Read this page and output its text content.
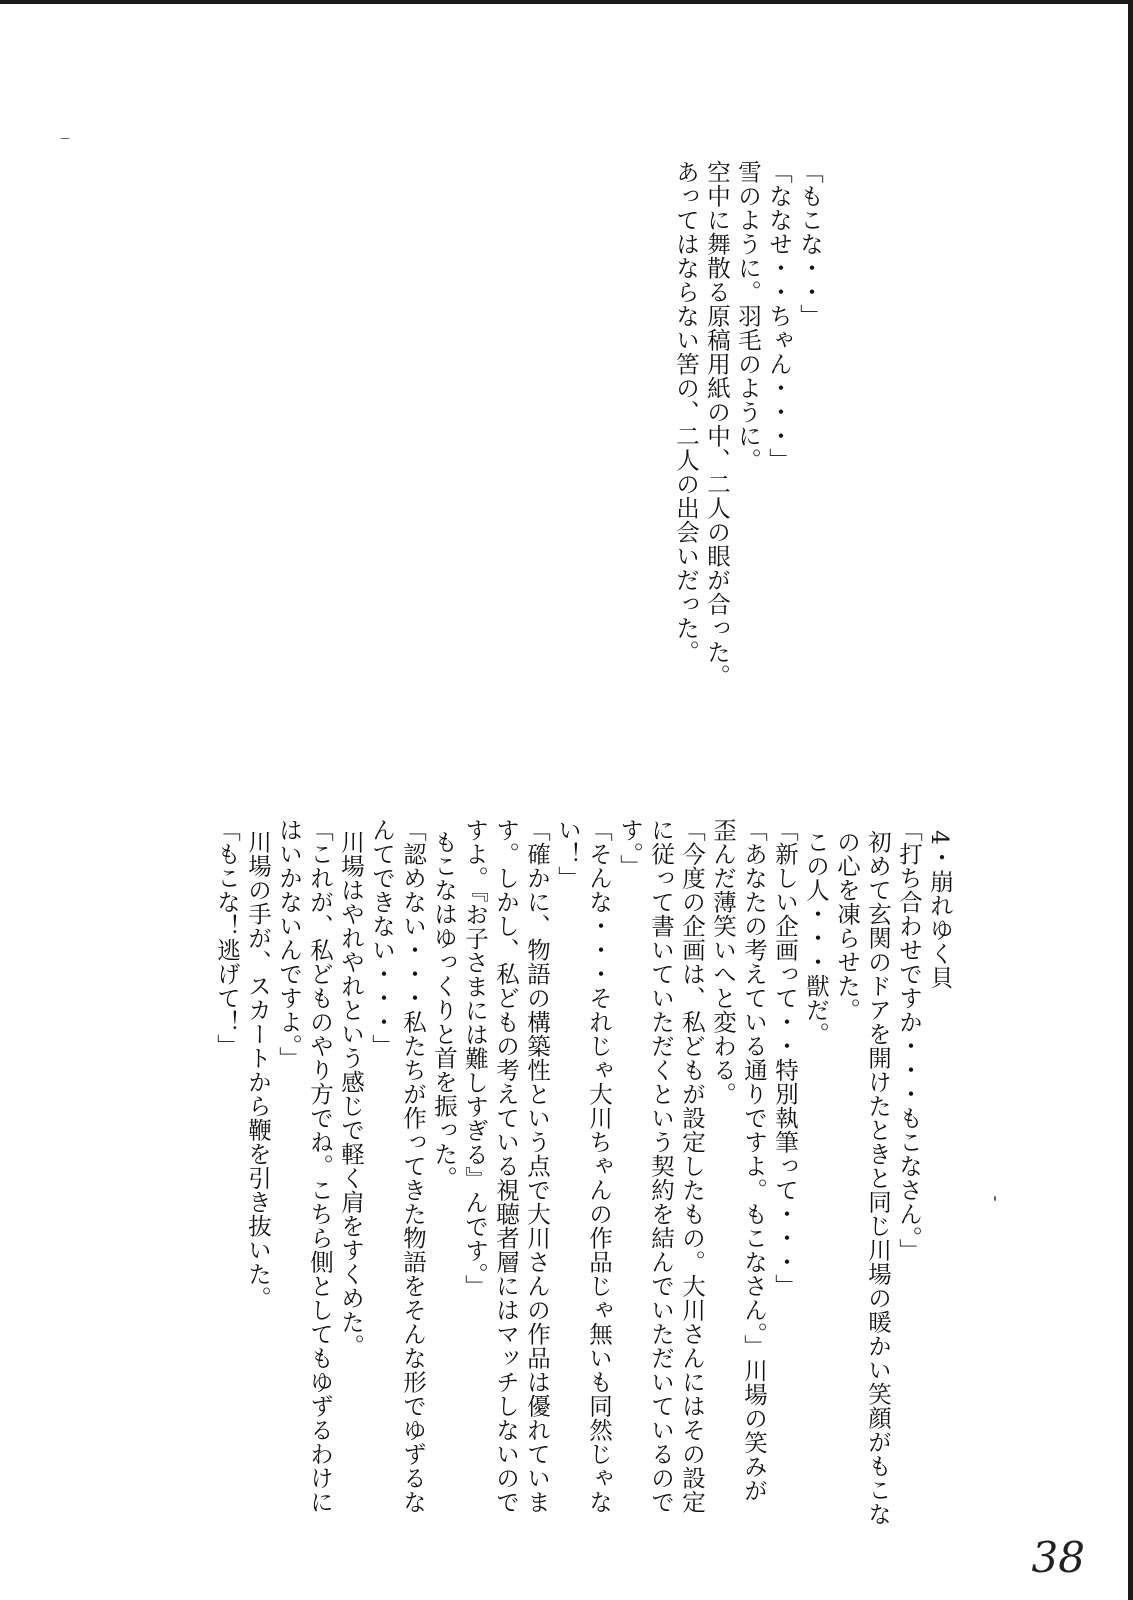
「もこな・・」
「ななせ・・ちゃん・・・」
雪のように。羽毛のように。
空中に舞散る原稿用紙の中、二人の眼が合った。
あってはならない筈の、二人の出会いだった。
4・崩れゆく貝
「打ち合わせですか・・・もこなさん。」
初めて玄関のドアを開けたときと同じ川場の暖かい笑顔がもこなの心を凍らせた。
この人・・・獣だ。
「新しい企画って・・特別執筆って・・・」
「あなたの考えている通りですよ。もこなさん。」川場の笑みが歪んだ薄笑いへと変わる。
「今度の企画は、私どもが設定したもの。大川さんにはその設定に従って書いていただくという契約を結んでいただいているのです。」
「そんな・・・それじゃ大川ちゃんの作品じゃ無いも同然じゃない！」
「確かに、物語の構築性という点で大川さんの作品は優れています。しかし、私どもの考えている視聴者層にはマッチしないのですよ。『お子さまには難しすぎる』んです。」
もこなはゆっくりと首を振った。
「認めない・・・私たちが作ってきた物語をそんな形でゆずるなんてできない・・・」
川場はやれやれという感じで軽く肩をすくめた。
「これが、私どものやり方でね。こちら側としてもゆずるわけにはいかないんですよ。」
川場の手が、スカートから鞭を引き抜いた。
「もこな！逃げて！」
38
